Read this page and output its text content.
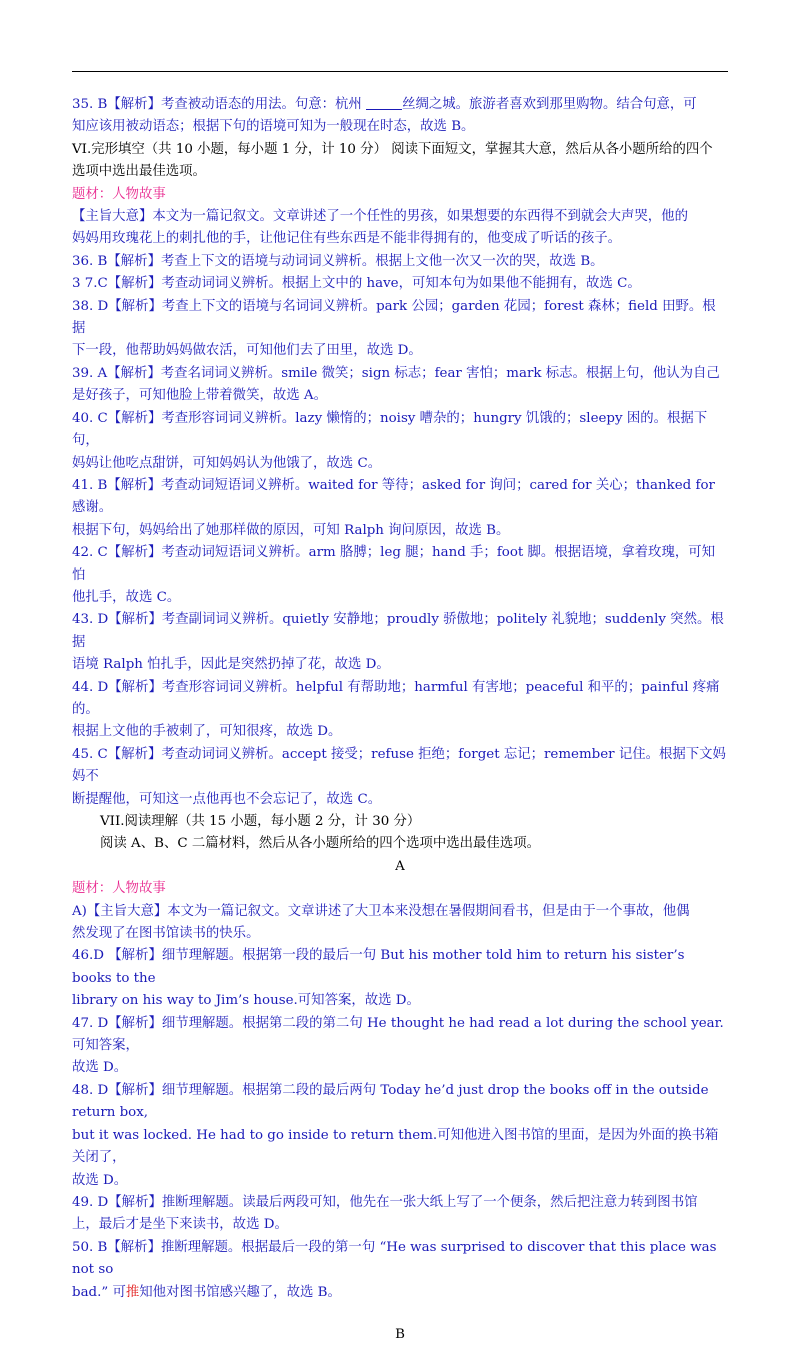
35. B【解析】考查被动语态的用法。句意：杭州	丝绸之城。旅游者喜欢到那里购物。结合句意，可

知应该用被动语态；根据下句的语境可知为一般现在时态，故选 B。

VI.完形填空（共 10 小题，每小题 1 分，计 10 分） 阅读下面短文，掌握其大意，然后从各小题所给的四个

选项中选出最佳选项。

题材：人物故事

【主旨大意】本文为一篇记叙文。文章讲述了一个任性的男孩，如果想要的东西得不到就会大声哭，他的

妈妈用玫瑰花上的刺扎他的手，让他记住有些东西是不能非得拥有的，他变成了听话的孩子。

36. B【解析】考查上下文的语境与动词词义辨析。根据上文他一次又一次的哭，故选 B。

3 7.C【解析】考查动词词义辨析。根据上文中的 have，可知本句为如果他不能拥有，故选 C。

38. D【解析】考查上下文的语境与名词词义辨析。park 公园；garden 花园；forest 森林；field 田野。根据

下一段，他帮助妈妈做农活，可知他们去了田里，故选 D。

39. A【解析】考查名词词义辨析。smile 微笑；sign 标志；fear 害怕；mark 标志。根据上句，他认为自己

是好孩子，可知他脸上带着微笑，故选 A。

40. C【解析】考查形容词词义辨析。lazy 懒惰的；noisy 嘈杂的；hungry 饥饿的；sleepy 困的。根据下句，

妈妈让他吃点甜饼，可知妈妈认为他饿了，故选 C。

41. B【解析】考查动词短语词义辨析。waited for 等待；asked for 询问；cared for 关心；thanked for 感谢。

根据下句，妈妈给出了她那样做的原因，可知 Ralph 询问原因，故选 B。

42. C【解析】考查动词短语词义辨析。arm 胳膊；leg 腿；hand 手；foot 脚。根据语境，拿着玫瑰，可知怕

他扎手，故选 C。

43. D【解析】考查副词词义辨析。quietly 安静地；proudly 骄傲地；politely 礼貌地；suddenly 突然。根据

语境 Ralph 怕扎手，因此是突然扔掉了花，故选 D。

44. D【解析】考查形容词词义辨析。helpful 有帮助地；harmful 有害地；peaceful 和平的；painful 疼痛的。

根据上文他的手被刺了，可知很疼，故选 D。

45. C【解析】考查动词词义辨析。accept 接受；refuse 拒绝；forget 忘记；remember 记住。根据下文妈妈不

断提醒他，可知这一点他再也不会忘记了，故选 C。

VII.阅读理解（共 15 小题，每小题 2 分，计 30 分）

阅读 A、B、C 二篇材料，然后从各小题所给的四个选项中选出最佳选项。

A

题材：人物故事

A)【主旨大意】本文为一篇记叙文。文章讲述了大卫本来没想在暑假期间看书，但是由于一个事故，他偶

然发现了在图书馆读书的快乐。

46.D 【解析】细节理解题。根据第一段的最后一句 But his mother told him to return his sister’s books to the

library on his way to Jim’s house.可知答案，故选 D。

47. D【解析】细节理解题。根据第二段的第二句 He thought he had read a lot during the school year.可知答案，

故选 D。

48. D【解析】细节理解题。根据第二段的最后两句 Today he’d just drop the books off in the outside return box,

but it was locked. He had to go inside to return them.可知他进入图书馆的里面，是因为外面的换书箱关闭了，

故选 D。

49. D【解析】推断理解题。读最后两段可知，他先在一张大纸上写了一个便条，然后把注意力转到图书馆

上，最后才是坐下来读书，故选 D。

50. B【解析】推断理解题。根据最后一段的第一句 “He was surprised to discover that this place was not so

bad.” 可推知他对图书馆感兴趣了，故选 B。

B
